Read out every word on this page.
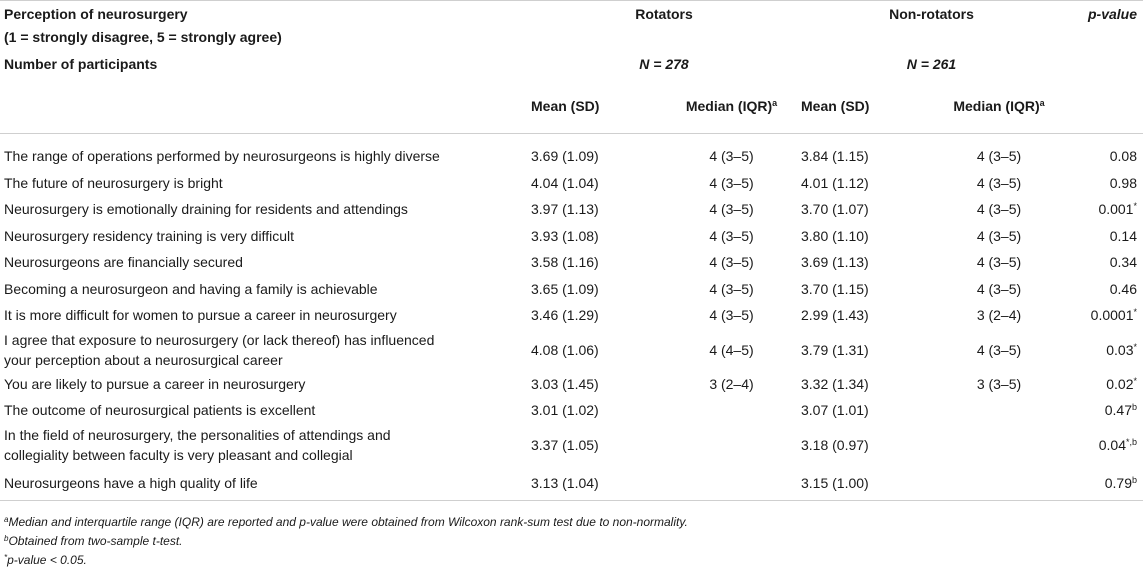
Perception of neurosurgery	Rotators		Non-rotators		p-value
(1 = strongly disagree, 5 = strongly agree)					
Number of participants	N = 278		N = 261		
	Mean (SD)	Median (IQR)$^a$	Mean (SD)	Median (IQR)$^a$	

The range of operations performed by neurosurgeons is highly diverse	3.69 (1.09)	4 (3–5)	3.84 (1.15)	4 (3–5)	0.08
The future of neurosurgery is bright	4.04 (1.04)	4 (3–5)	4.01 (1.12)	4 (3–5)	0.98
Neurosurgery is emotionally draining for residents and attendings	3.97 (1.13)	4 (3–5)	3.70 (1.07)	4 (3–5)	0.001*
Neurosurgery residency training is very difficult	3.93 (1.08)	4 (3–5)	3.80 (1.10)	4 (3–5)	0.14
Neurosurgeons are financially secured	3.58 (1.16)	4 (3–5)	3.69 (1.13)	4 (3–5)	0.34
Becoming a neurosurgeon and having a family is achievable	3.65 (1.09)	4 (3–5)	3.70 (1.15)	4 (3–5)	0.46
It is more difficult for women to pursue a career in neurosurgery	3.46 (1.29)	4 (3–5)	2.99 (1.43)	3 (2–4)	0.0001*

I agree that exposure to neurosurgery (or lack thereof) has influenced
your perception about a neurosurgical career	4.08 (1.06)	4 (4–5)	3.79 (1.31)	4 (3–5)	0.03*
You are likely to pursue a career in neurosurgery	3.03 (1.45)	3 (2–4)	3.32 (1.34)	3 (3–5)	0.02*
The outcome of neurosurgical patients is excellent	3.01 (1.02)		3.07 (1.01)		0.47$^b$

In the field of neurosurgery, the personalities of attendings and
collegiality between faculty is very pleasant and collegial	3.37 (1.05)		3.18 (0.97)		$0.04^{*,b}$
Neurosurgeons have a high quality of life	3.13 (1.04)		3.15 (1.00)		0.79$^b$
$^a$Median and interquartile range (IQR) are reported and p-value were obtained from Wilcoxon rank-sum test due to non-normality.
$^b$Obtained from two-sample t-test.
*p-value < 0.05.
